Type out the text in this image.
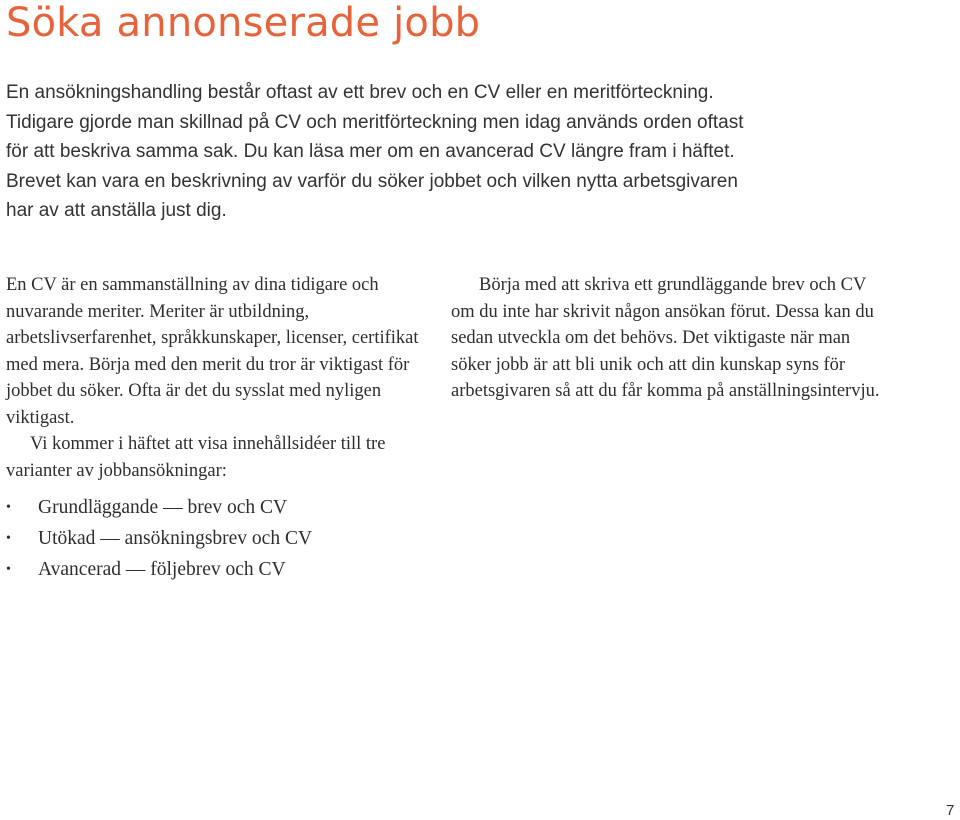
Söka annonserade jobb

En ansökningshandling består oftast av ett brev och en CV eller en meritförteckning. Tidigare gjorde man skillnad på CV och meritförteckning men idag används orden oftast för att beskriva samma sak. Du kan läsa mer om en avancerad CV längre fram i häftet. Brevet kan vara en beskrivning av varför du söker jobbet och vilken nytta arbetsgivaren har av att anställa just dig.

En CV är en sammanställning av dina tidigare och nuvarande meriter. Meriter är utbildning, arbetslivserfarenhet, språkkunskaper, licenser, certifikat med mera. Börja med den merit du tror är viktigast för jobbet du söker. Ofta är det du sysslat med nyligen viktigast.

Vi kommer i häftet att visa innehållsidéer till tre varianter av jobbansökningar:

• Grundläggande — brev och CV
• Utökad — ansökningsbrev och CV
• Avancerad — följebrev och CV

Börja med att skriva ett grundläggande brev och CV om du inte har skrivit någon ansökan förut. Dessa kan du sedan utveckla om det behövs. Det viktigaste när man söker jobb är att bli unik och att din kunskap syns för arbetsgivaren så att du får komma på anställningsintervju.

7
